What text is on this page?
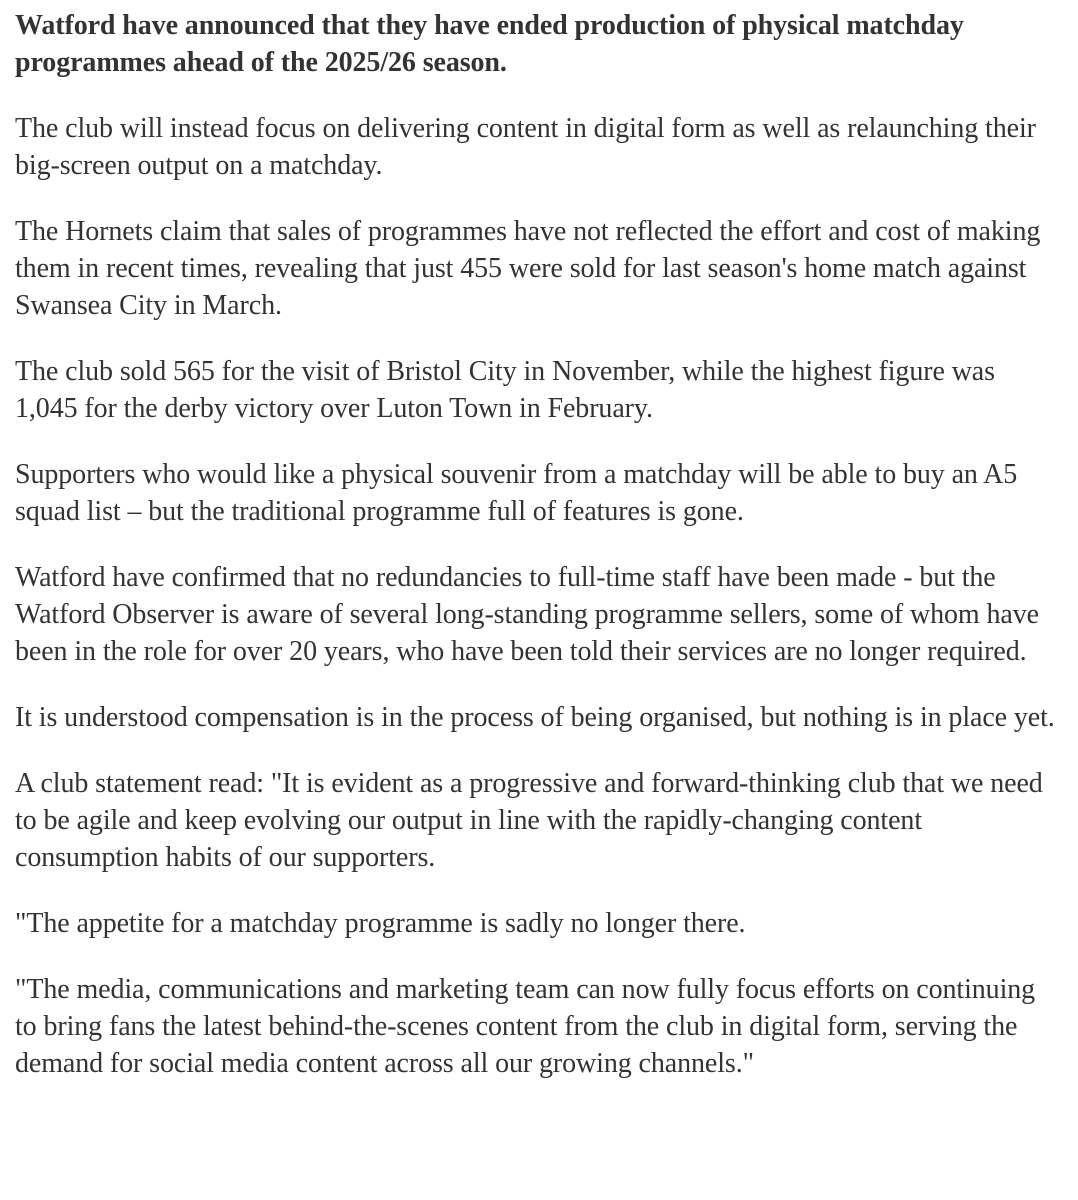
Watford have announced that they have ended production of physical matchday programmes ahead of the 2025/26 season.

The club will instead focus on delivering content in digital form as well as relaunching their big-screen output on a matchday.

The Hornets claim that sales of programmes have not reflected the effort and cost of making them in recent times, revealing that just 455 were sold for last season's home match against Swansea City in March.

The club sold 565 for the visit of Bristol City in November, while the highest figure was 1,045 for the derby victory over Luton Town in February.

Supporters who would like a physical souvenir from a matchday will be able to buy an A5 squad list – but the traditional programme full of features is gone.

Watford have confirmed that no redundancies to full-time staff have been made - but the Watford Observer is aware of several long-standing programme sellers, some of whom have been in the role for over 20 years, who have been told their services are no longer required.

It is understood compensation is in the process of being organised, but nothing is in place yet.

A club statement read: "It is evident as a progressive and forward-thinking club that we need to be agile and keep evolving our output in line with the rapidly-changing content consumption habits of our supporters.

"The appetite for a matchday programme is sadly no longer there.

"The media, communications and marketing team can now fully focus efforts on continuing to bring fans the latest behind-the-scenes content from the club in digital form, serving the demand for social media content across all our growing channels."
